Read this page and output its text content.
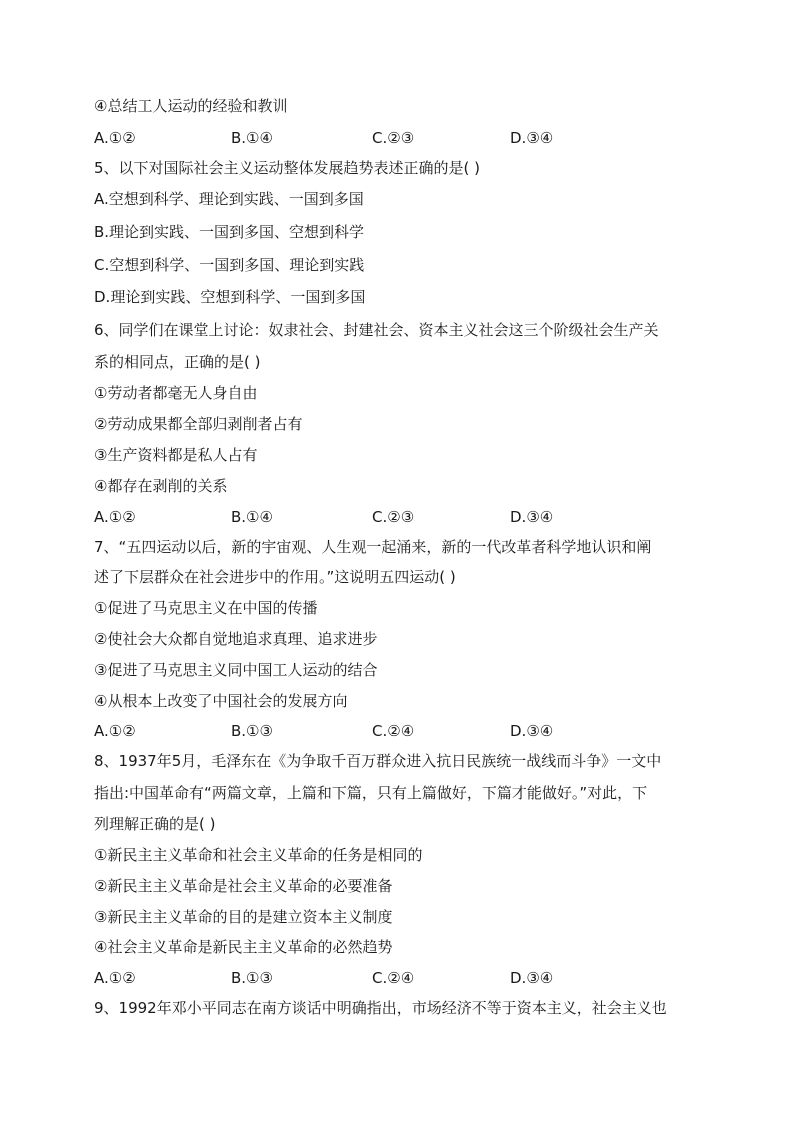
④总结工人运动的经验和教训
A.①②	B.①④	C.②③	D.③④
5、以下对国际社会主义运动整体发展趋势表述正确的是( )
A.空想到科学、理论到实践、一国到多国
B.理论到实践、一国到多国、空想到科学
C.空想到科学、一国到多国、理论到实践
D.理论到实践、空想到科学、一国到多国
6、同学们在课堂上讨论：奴隶社会、封建社会、资本主义社会这三个阶级社会生产关
系的相同点，正确的是( )
①劳动者都毫无人身自由
②劳动成果都全部归剥削者占有
③生产资料都是私人占有
④都存在剥削的关系
A.①②	B.①④	C.②③	D.③④
7、“五四运动以后，新的宇宙观、人生观一起涌来，新的一代改革者科学地认识和阐
述了下层群众在社会进步中的作用。”这说明五四运动( )
①促进了马克思主义在中国的传播
②使社会大众都自觉地追求真理、追求进步
③促进了马克思主义同中国工人运动的结合
④从根本上改变了中国社会的发展方向
A.①②	B.①③	C.②④	D.③④
8、1937年5月，毛泽东在《为争取千百万群众进入抗日民族统一战线而斗争》一文中
指出:中国革命有“两篇文章，上篇和下篇，只有上篇做好，下篇才能做好。”对此，下
列理解正确的是( )
①新民主主义革命和社会主义革命的任务是相同的
②新民主主义革命是社会主义革命的必要准备
③新民主主义革命的目的是建立资本主义制度
④社会主义革命是新民主主义革命的必然趋势
A.①②	B.①③	C.②④	D.③④
9、1992年邓小平同志在南方谈话中明确指出，市场经济不等于资本主义，社会主义也
